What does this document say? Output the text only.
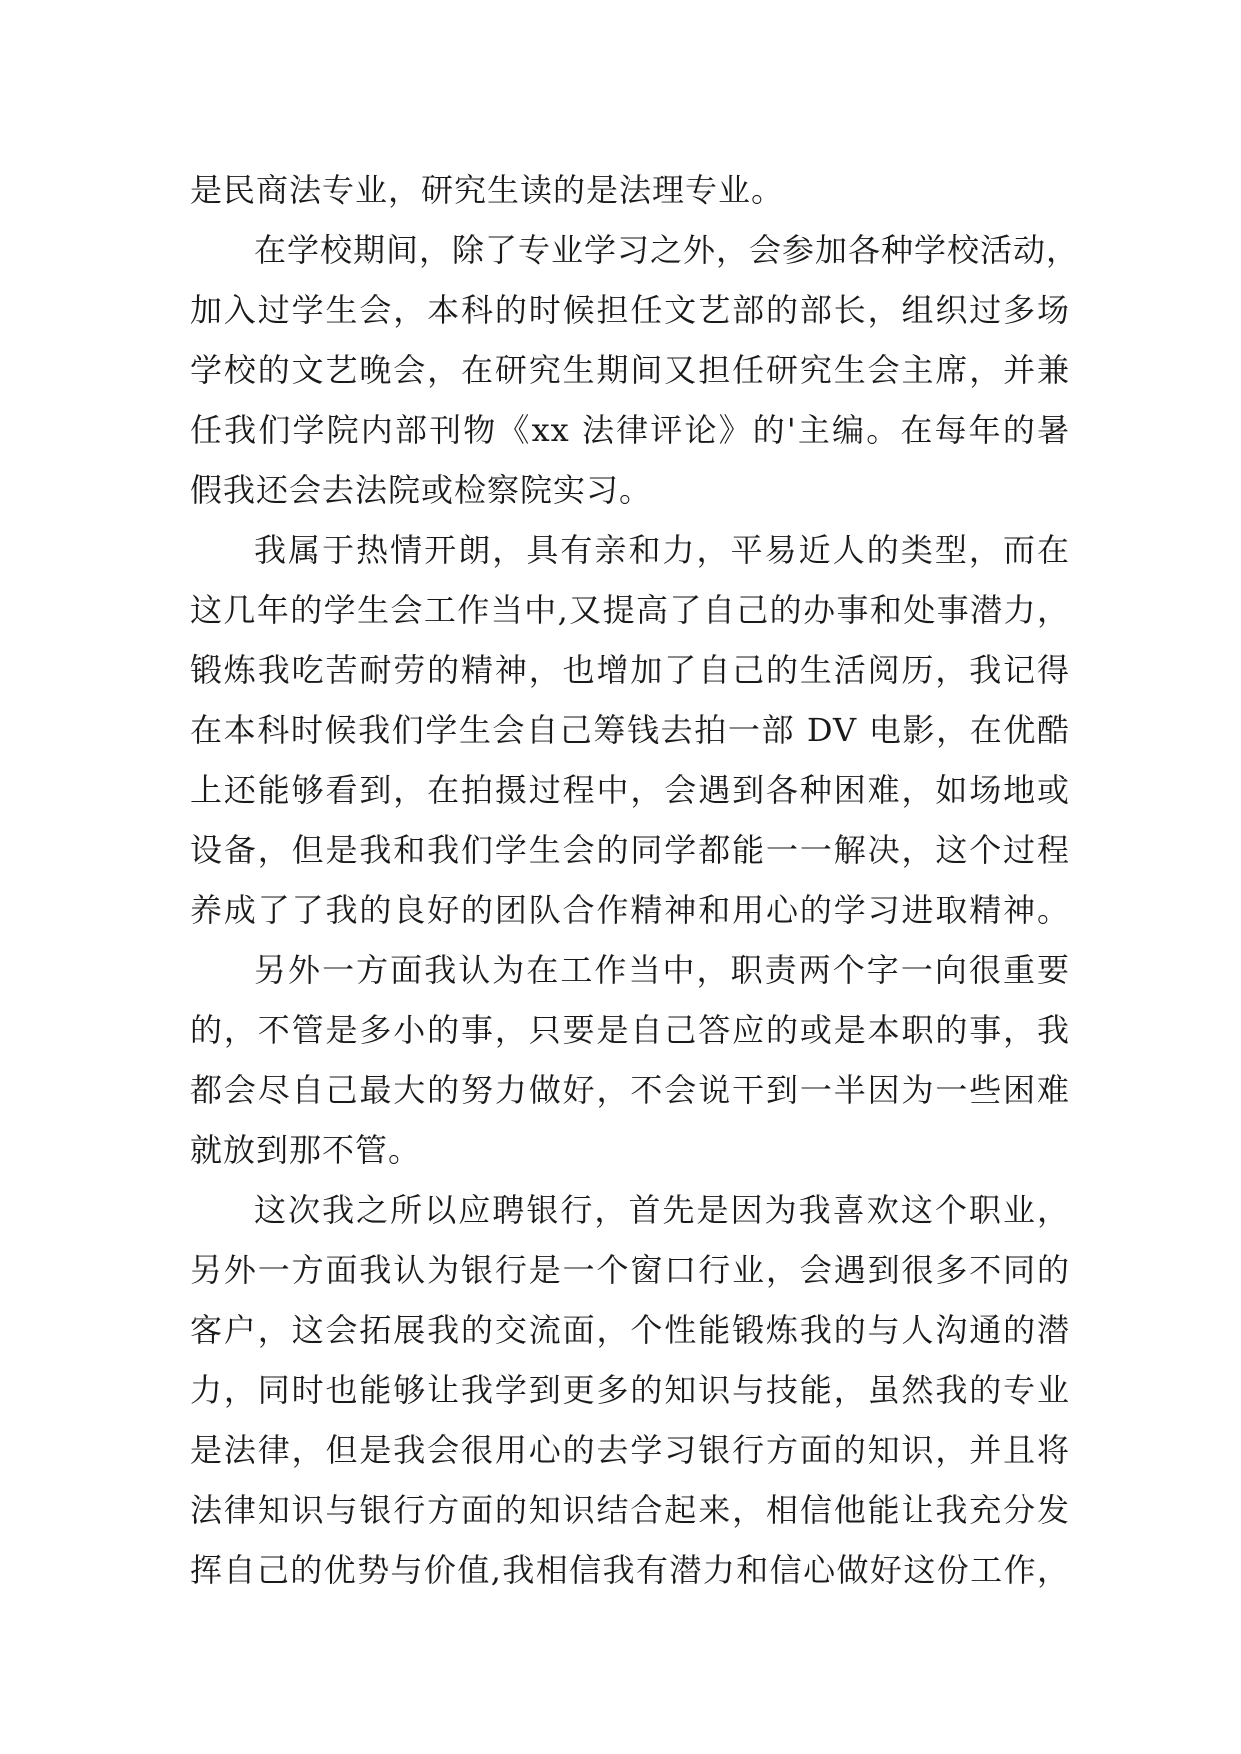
是民商法专业，研究生读的是法理专业。
在学校期间，除了专业学习之外，会参加各种学校活动，
加入过学生会，本科的时候担任文艺部的部长，组织过多场
学校的文艺晚会，在研究生期间又担任研究生会主席，并兼
任我们学院内部刊物《xx 法律评论》的'主编。在每年的暑
假我还会去法院或检察院实习。
我属于热情开朗，具有亲和力，平易近人的类型，而在
这几年的学生会工作当中,又提高了自己的办事和处事潜力，
锻炼我吃苦耐劳的精神，也增加了自己的生活阅历，我记得
在本科时候我们学生会自己筹钱去拍一部 DV 电影，在优酷
上还能够看到，在拍摄过程中，会遇到各种困难，如场地或
设备，但是我和我们学生会的同学都能一一解决，这个过程
养成了了我的良好的团队合作精神和用心的学习进取精神。
另外一方面我认为在工作当中，职责两个字一向很重要
的，不管是多小的事，只要是自己答应的或是本职的事，我
都会尽自己最大的努力做好，不会说干到一半因为一些困难
就放到那不管。
这次我之所以应聘银行，首先是因为我喜欢这个职业，
另外一方面我认为银行是一个窗口行业，会遇到很多不同的
客户，这会拓展我的交流面，个性能锻炼我的与人沟通的潜
力，同时也能够让我学到更多的知识与技能，虽然我的专业
是法律，但是我会很用心的去学习银行方面的知识，并且将
法律知识与银行方面的知识结合起来，相信他能让我充分发
挥自己的优势与价值,我相信我有潜力和信心做好这份工作，
